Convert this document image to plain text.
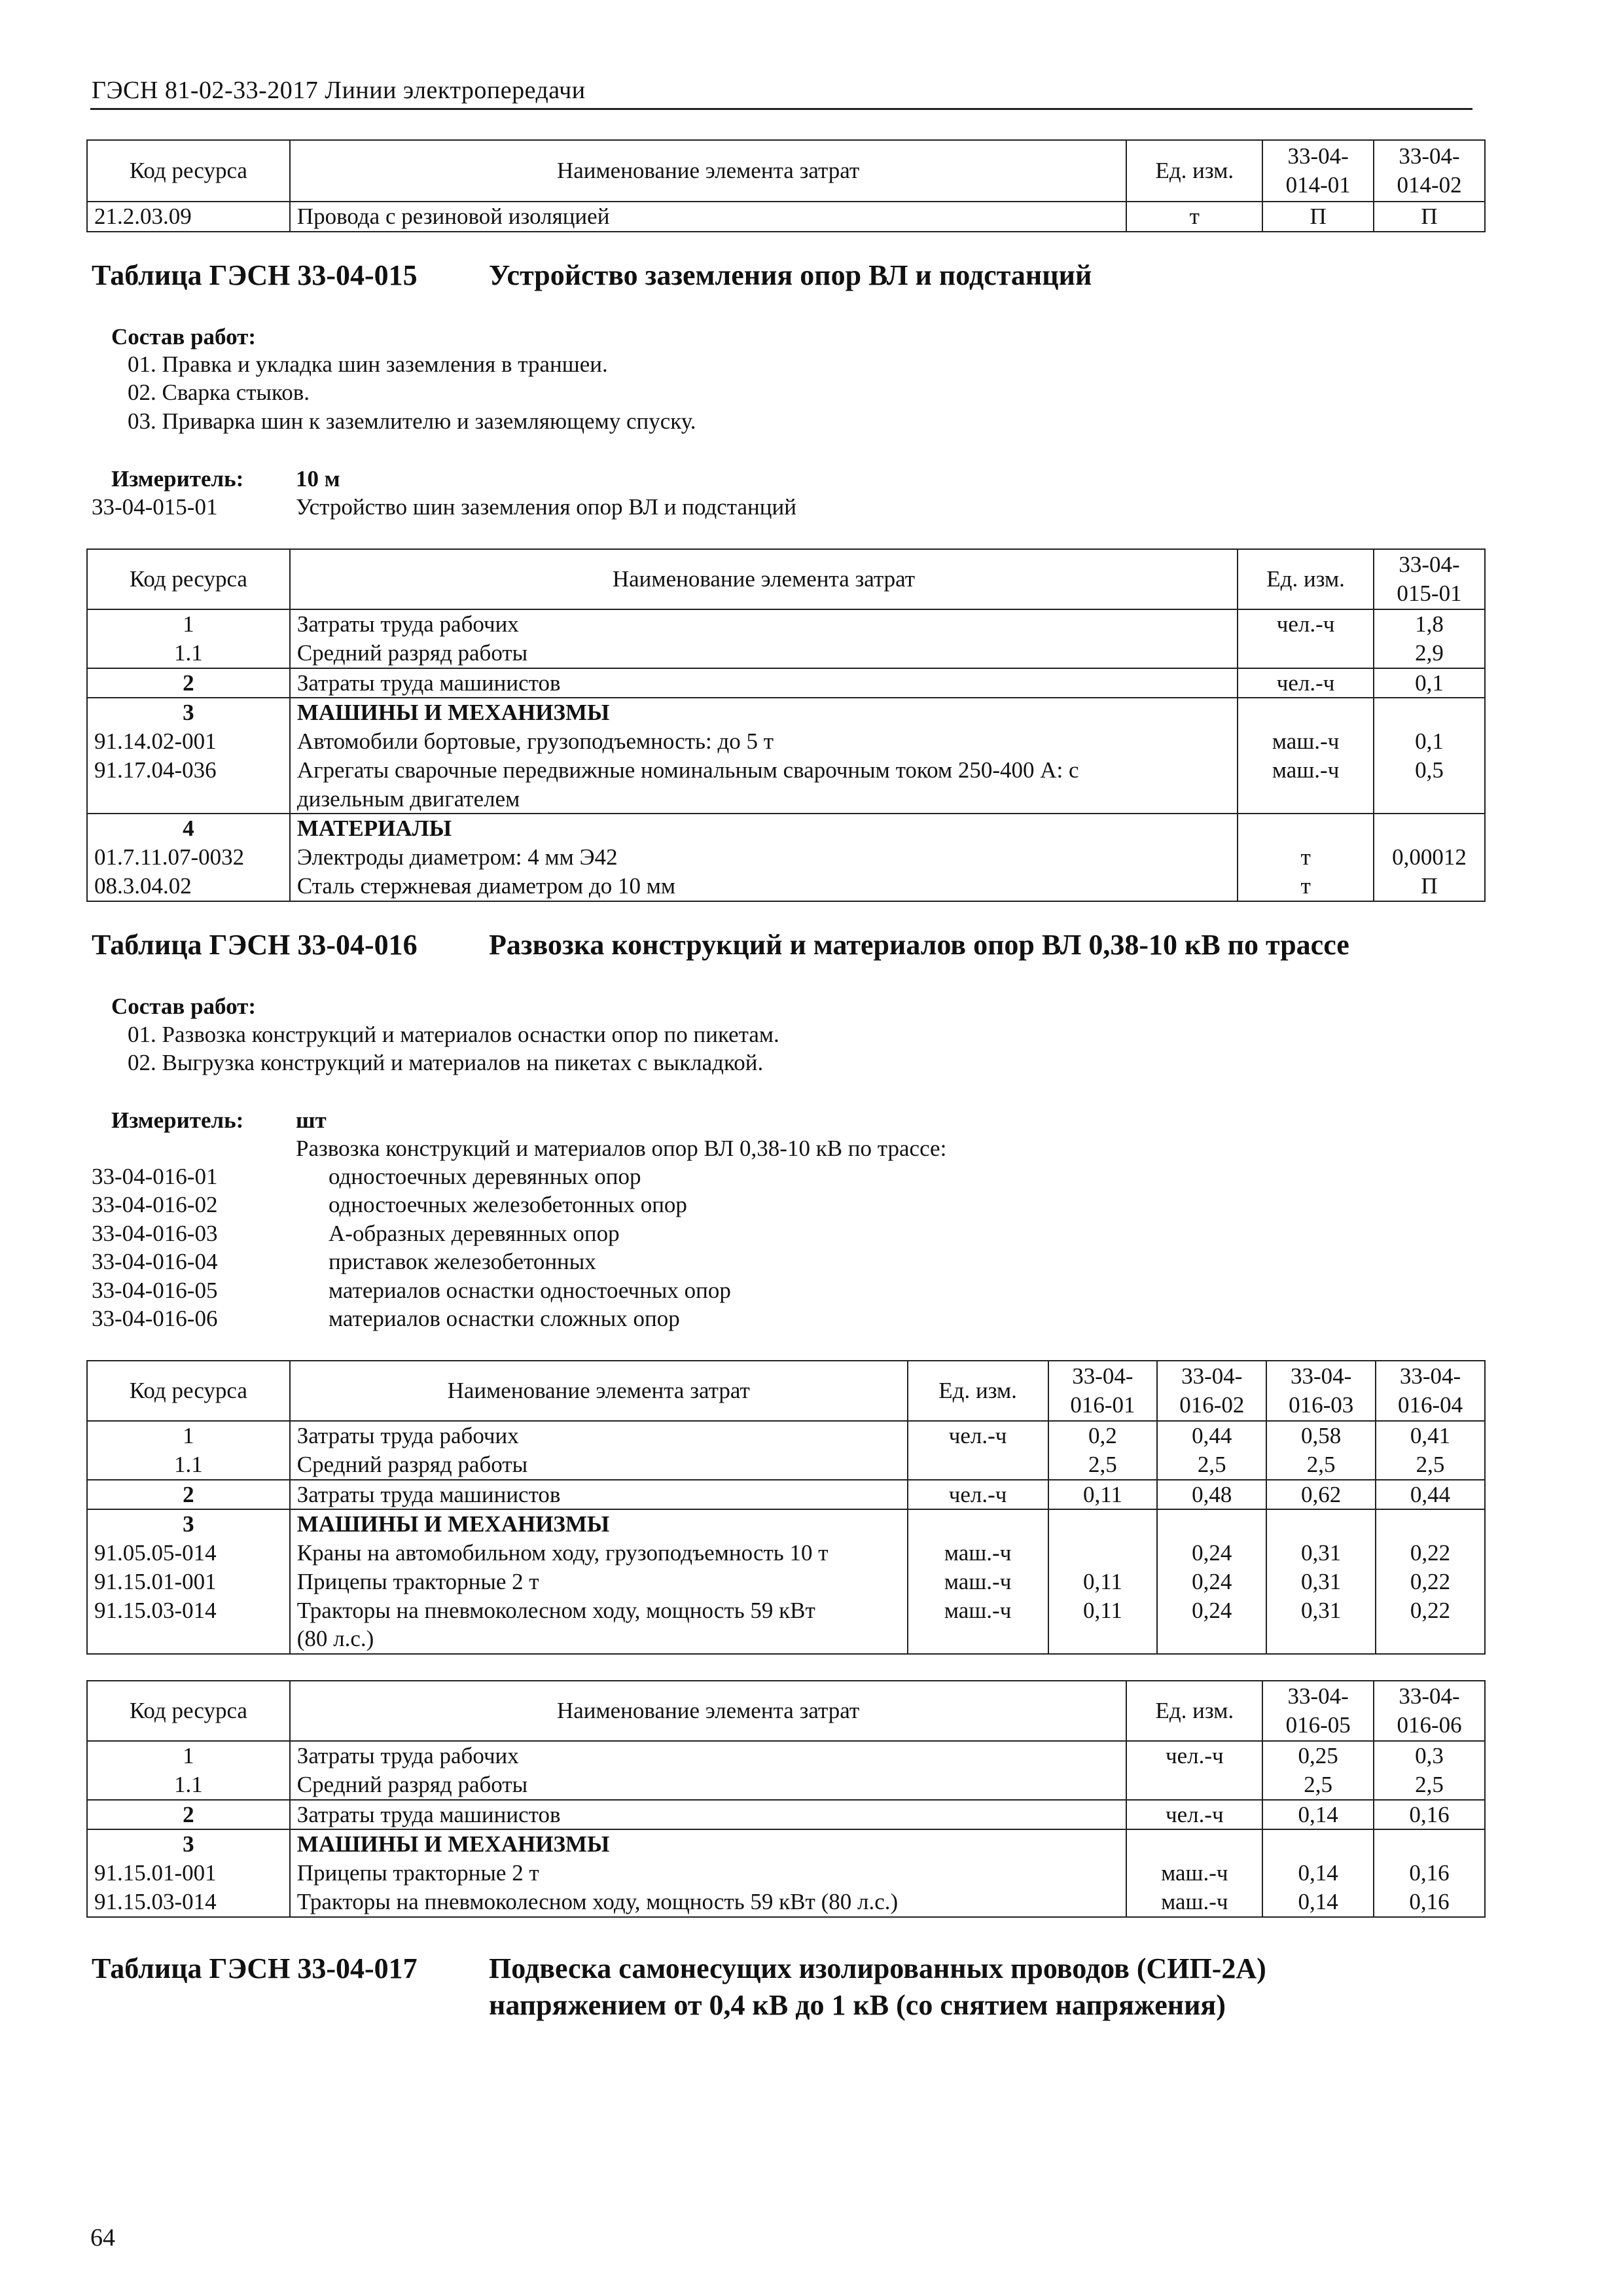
ГЭСН 81-02-33-2017 Линии электропередачи
Код ресурса	Наименование элемента затрат	Ед. изм.	33-04-
014-01	33-04-
014-02
21.2.03.09	Провода с резиновой изоляцией	т	П	П
Таблица ГЭСН 33-04-015 Устройство заземления опор ВЛ и подстанций
Состав работ:
01. Правка и укладка шин заземления в траншеи.
02. Сварка стыков.
03. Приварка шин к заземлителю и заземляющему спуску.
Измеритель: 10 м
33-04-015-01	Устройство шин заземления опор ВЛ и подстанций
Код ресурса	Наименование элемента затрат	Ед. изм.	33-04-
015-01
1	Затраты труда рабочих	чел.-ч	1,8
1.1	Средний разряд работы		2,9
2	Затраты труда машинистов	чел.-ч	0,1
3	МАШИНЫ И МЕХАНИЗМЫ		
91.14.02-001	Автомобили бортовые, грузоподъемность: до 5 т	маш.-ч	0,1
91.17.04-036	Агрегаты сварочные передвижные номинальным сварочным током 250-400 А: с
дизельным двигателем	маш.-ч	0,5
4	МАТЕРИАЛЫ		
01.7.11.07-0032	Электроды диаметром: 4 мм Э42	т	0,00012
08.3.04.02	Сталь стержневая диаметром до 10 мм	т	П
Таблица ГЭСН 33-04-016 Развозка конструкций и материалов опор ВЛ 0,38-10 кВ по трассе
Состав работ:
01. Развозка конструкций и материалов оснастки опор по пикетам.
02. Выгрузка конструкций и материалов на пикетах с выкладкой.
Измеритель: шт
Развозка конструкций и материалов опор ВЛ 0,38-10 кВ по трассе:
33-04-016-01	одностоечных деревянных опор
33-04-016-02	одностоечных железобетонных опор
33-04-016-03	А-образных деревянных опор
33-04-016-04	приставок железобетонных
33-04-016-05	материалов оснастки одностоечных опор
33-04-016-06	материалов оснастки сложных опор
Код ресурса	Наименование элемента затрат	Ед. изм.	33-04-
016-01	33-04-
016-02	33-04-
016-03	33-04-
016-04
1	Затраты труда рабочих	чел.-ч	0,2	0,44	0,58	0,41
1.1	Средний разряд работы		2,5	2,5	2,5	2,5
2	Затраты труда машинистов	чел.-ч	0,11	0,48	0,62	0,44
3	МАШИНЫ И МЕХАНИЗМЫ					
91.05.05-014	Краны на автомобильном ходу, грузоподъемность 10 т	маш.-ч		0,24	0,31	0,22
91.15.01-001	Прицепы тракторные 2 т	маш.-ч	0,11	0,24	0,31	0,22
91.15.03-014	Тракторы на пневмоколесном ходу, мощность 59 кВт
(80 л.с.)	маш.-ч	0,11	0,24	0,31	0,22
Код ресурса	Наименование элемента затрат	Ед. изм.	33-04-
016-05	33-04-
016-06
1	Затраты труда рабочих	чел.-ч	0,25	0,3
1.1	Средний разряд работы		2,5	2,5
2	Затраты труда машинистов	чел.-ч	0,14	0,16
3	МАШИНЫ И МЕХАНИЗМЫ			
91.15.01-001	Прицепы тракторные 2 т	маш.-ч	0,14	0,16
91.15.03-014	Тракторы на пневмоколесном ходу, мощность 59 кВт (80 л.с.)	маш.-ч	0,14	0,16
Таблица ГЭСН 33-04-017 Подвеска самонесущих изолированных проводов (СИП-2А)
напряжением от 0,4 кВ до 1 кВ (со снятием напряжения)
64
